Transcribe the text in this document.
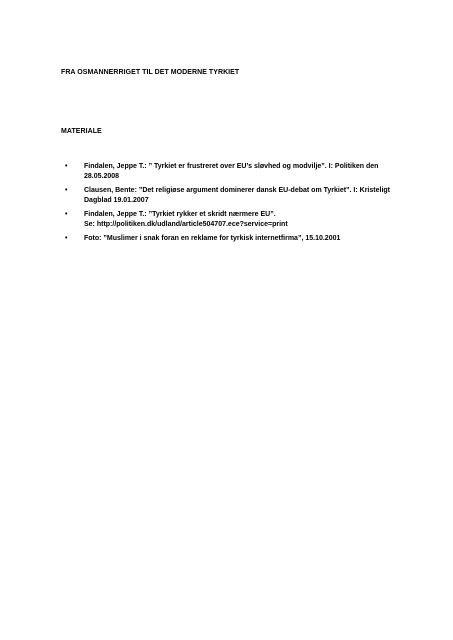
FRA OSMANNERRIGET TIL DET MODERNE TYRKIET
MATERIALE
• Findalen, Jeppe T.: ” Tyrkiet er frustreret over EU’s sløvhed og modvilje”. I: Politiken den
28.05.2008
• Clausen, Bente: ”Det religiøse argument dominerer dansk EU-debat om Tyrkiet”. I: Kristeligt
Dagblad 19.01.2007
• Findalen, Jeppe T.: ”Tyrkiet rykker et skridt nærmere EU”.
Se: http://politiken.dk/udland/article504707.ece?service=print
• Foto: ”Muslimer i snak foran en reklame for tyrkisk internetfirma”, 15.10.2001
